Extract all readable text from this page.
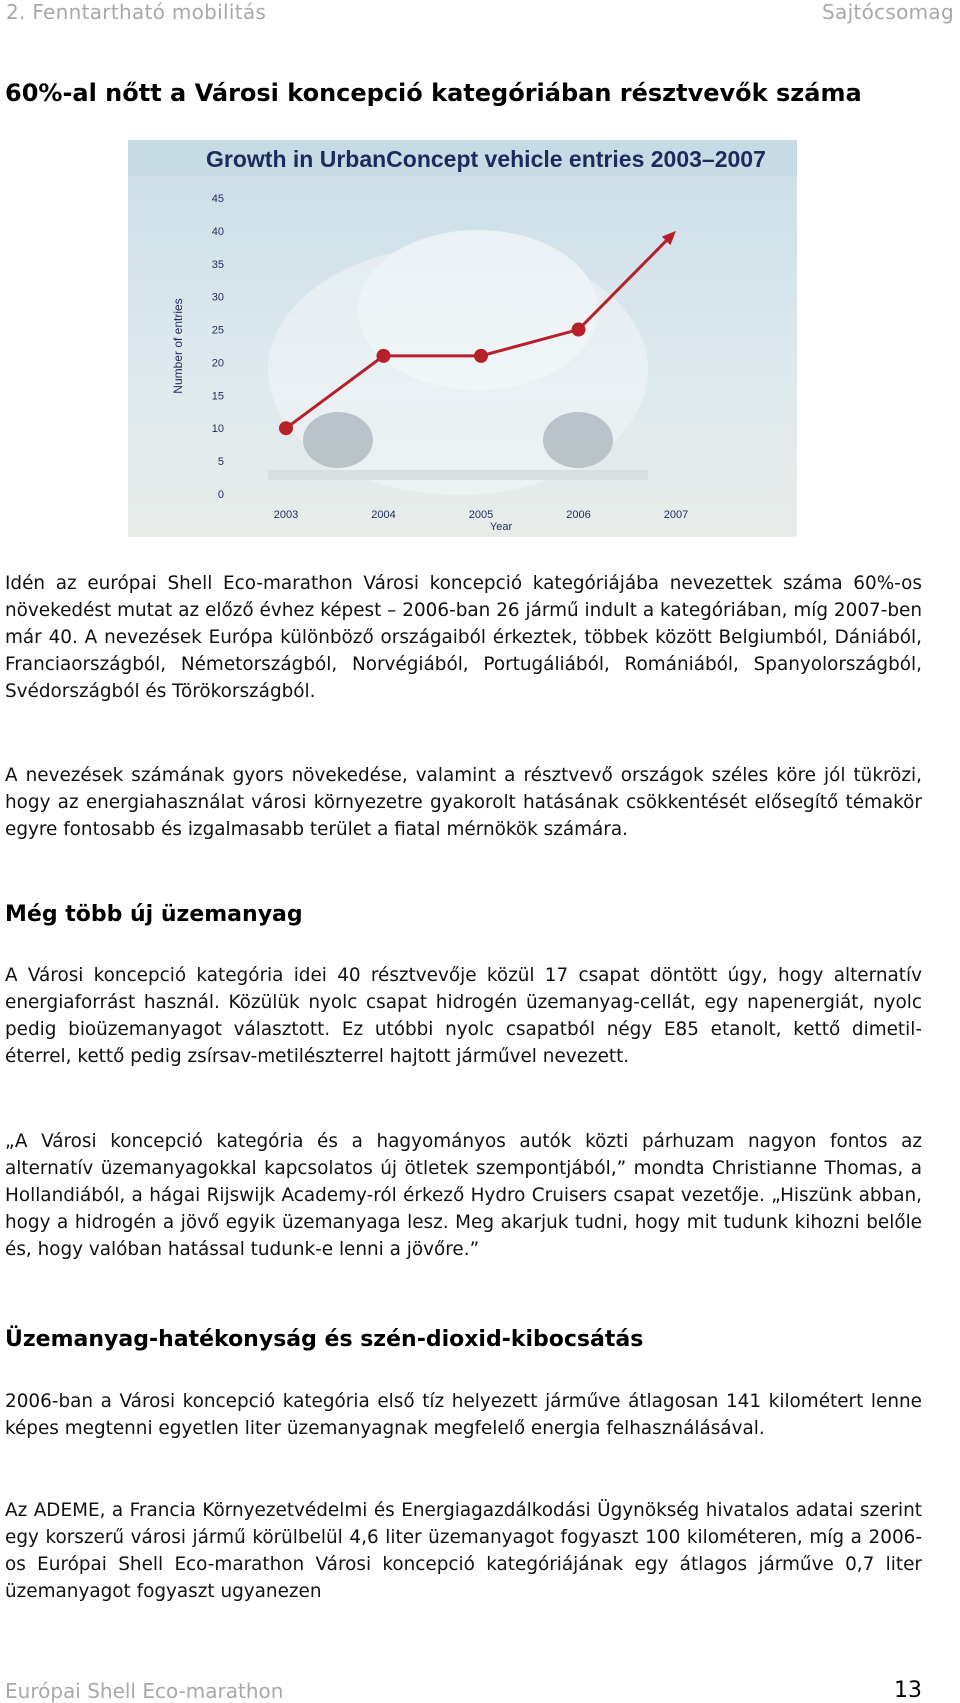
2. Fenntartható mobilitás	Sajtócsomag
60%-al nőtt a Városi koncepció kategóriában résztvevők száma
Growth in UrbanConcept vehicle entries 2003–2007
Number of entries
Year
0
5
10
15
20
25
30
35
40
45
2003	2004	2005	2006	2007

Idén az európai Shell Eco-marathon Városi koncepció kategóriájába nevezettek száma 60%-os növekedést mutat az előző évhez képest – 2006-ban 26 jármű indult a kategóriában, míg 2007-ben már 40. A nevezések Európa különböző országaiból érkeztek, többek között Belgiumból, Dániából, Franciaországból, Németországból, Norvégiából, Portugáliából, Romániából, Spanyolországból, Svédországból és Törökországból.

A nevezések számának gyors növekedése, valamint a résztvevő országok széles köre jól tükrözi, hogy az energiahasználat városi környezetre gyakorolt hatásának csökkentését elősegítő témakör egyre fontosabb és izgalmasabb terület a fiatal mérnökök számára.

Még több új üzemanyag

A Városi koncepció kategória idei 40 résztvevője közül 17 csapat döntött úgy, hogy alternatív energiaforrást használ. Közülük nyolc csapat hidrogén üzemanyag-cellát, egy napenergiát, nyolc pedig bioüzemanyagot választott. Ez utóbbi nyolc csapatból négy E85 etanolt, kettő dimetil-éterrel, kettő pedig zsírsav-metilészterrel hajtott járművel nevezett.

„A Városi koncepció kategória és a hagyományos autók közti párhuzam nagyon fontos az alternatív üzemanyagokkal kapcsolatos új ötletek szempontjából,” mondta Christianne Thomas, a Hollandiából, a hágai Rijswijk Academy-ról érkező Hydro Cruisers csapat vezetője. „Hiszünk abban, hogy a hidrogén a jövő egyik üzemanyaga lesz. Meg akarjuk tudni, hogy mit tudunk kihozni belőle és, hogy valóban hatással tudunk-e lenni a jövőre.”

Üzemanyag-hatékonyság és szén-dioxid-kibocsátás

2006-ban a Városi koncepció kategória első tíz helyezett járműve átlagosan 141 kilométert lenne képes megtenni egyetlen liter üzemanyagnak megfelelő energia felhasználásával.

Az ADEME, a Francia Környezetvédelmi és Energiagazdálkodási Ügynökség hivatalos adatai szerint egy korszerű városi jármű körülbelül 4,6 liter üzemanyagot fogyaszt 100 kilométeren, míg a 2006-os Európai Shell Eco-marathon Városi koncepció kategóriájának egy átlagos járműve 0,7 liter üzemanyagot fogyaszt ugyanezen

Európai Shell Eco-marathon	13
